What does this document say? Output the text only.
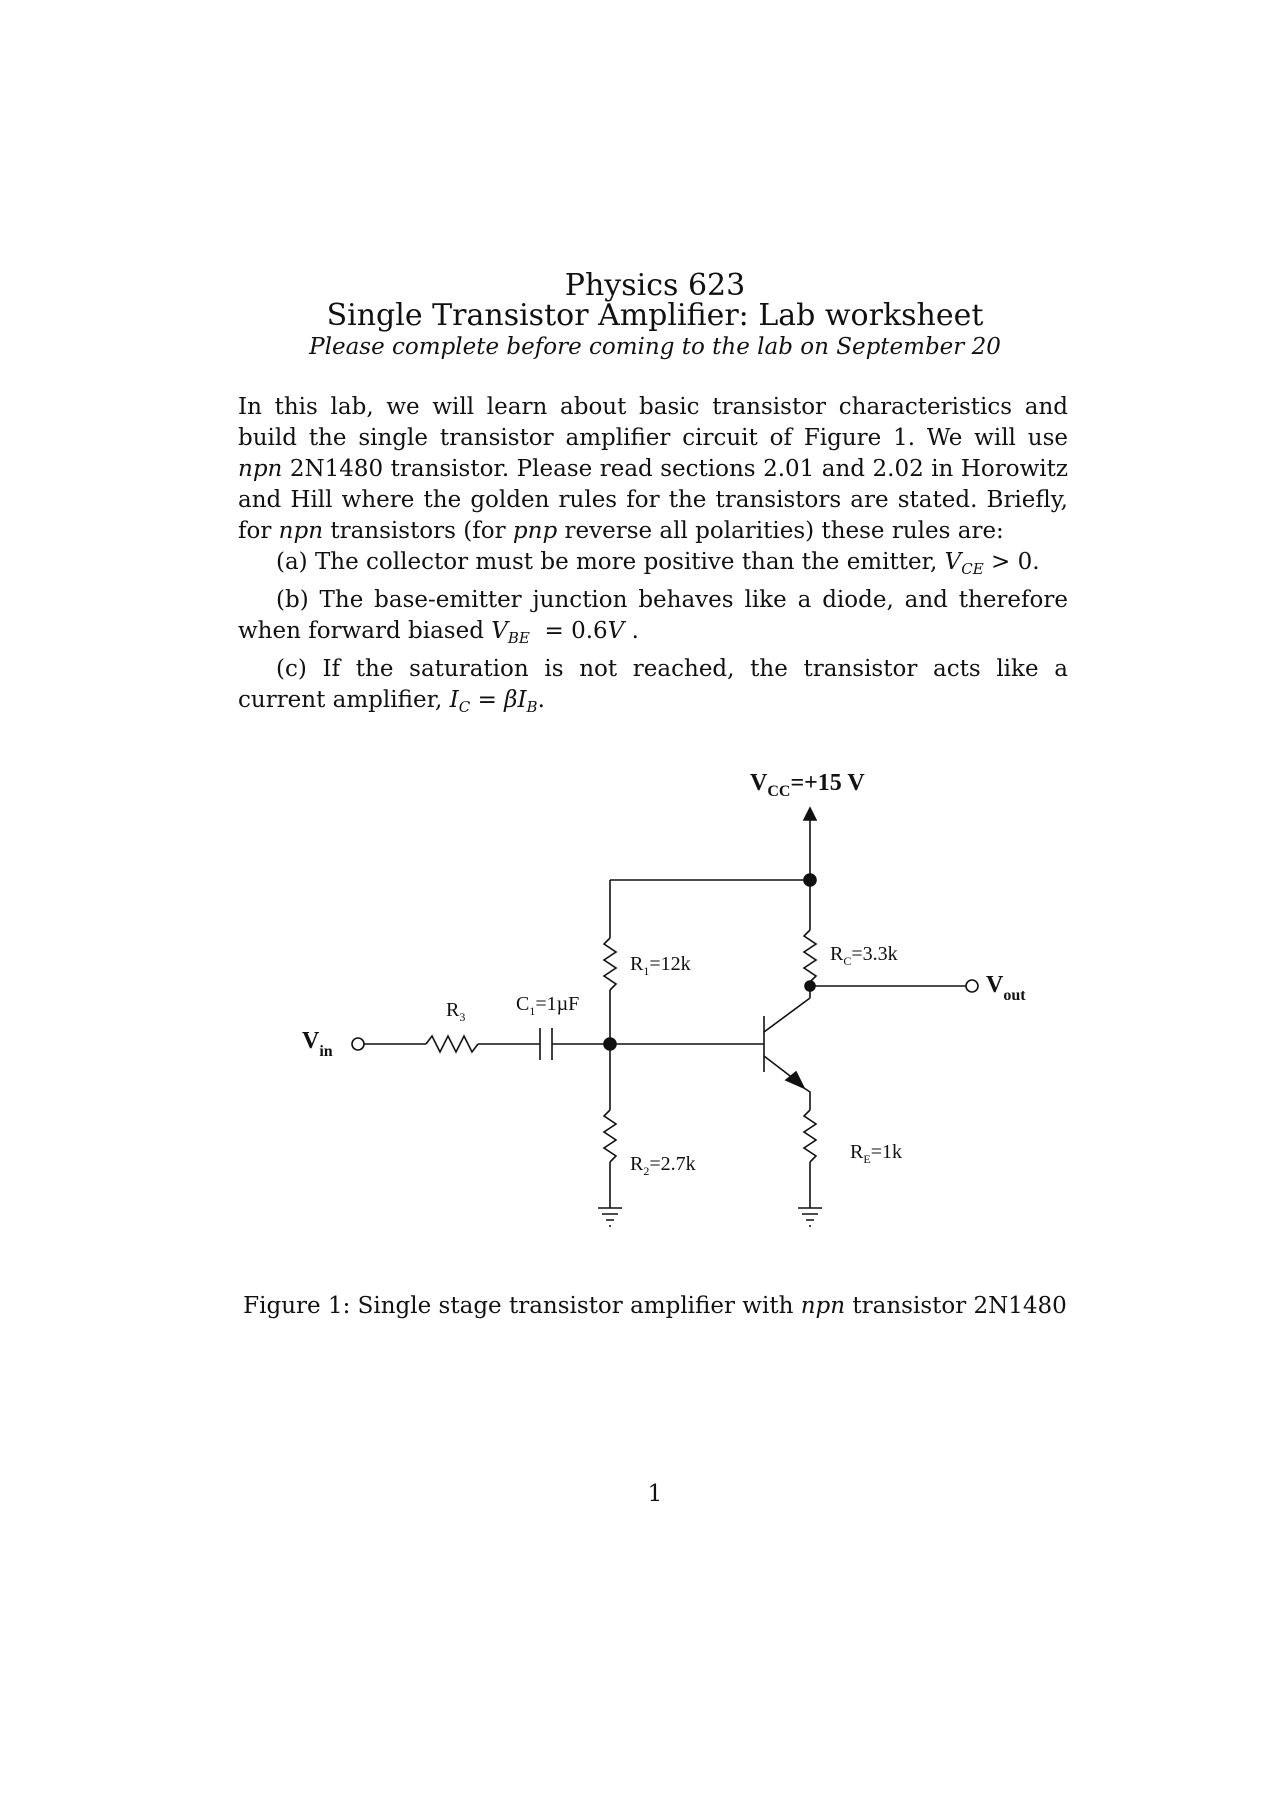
Physics 623
Single Transistor Amplifier: Lab worksheet
Please complete before coming to the lab on September 20

In this lab, we will learn about basic transistor characteristics and build the single transistor amplifier circuit of Figure 1. We will use npn 2N1480 transistor. Please read sections 2.01 and 2.02 in Horowitz and Hill where the golden rules for the transistors are stated. Briefly, for npn transistors (for pnp reverse all polarities) these rules are:

(a) The collector must be more positive than the emitter, $V_{CE} > 0$.

(b) The base-emitter junction behaves like a diode, and therefore when forward biased $V_{BE} = 0.6V$ .

(c) If the saturation is not reached, the transistor acts like a current amplifier, $I_C = \beta I_B$.

$V_{CC}=+15$ V
$R_1=12k$	$R_C=3.3k$
$C_1=1\mu F$
$R_3$
$V_{in}$
$V_{out}$
$R_2=2.7k$
$R_E=1k$
Figure 1: Single stage transistor amplifier with npn transistor 2N1480
1
